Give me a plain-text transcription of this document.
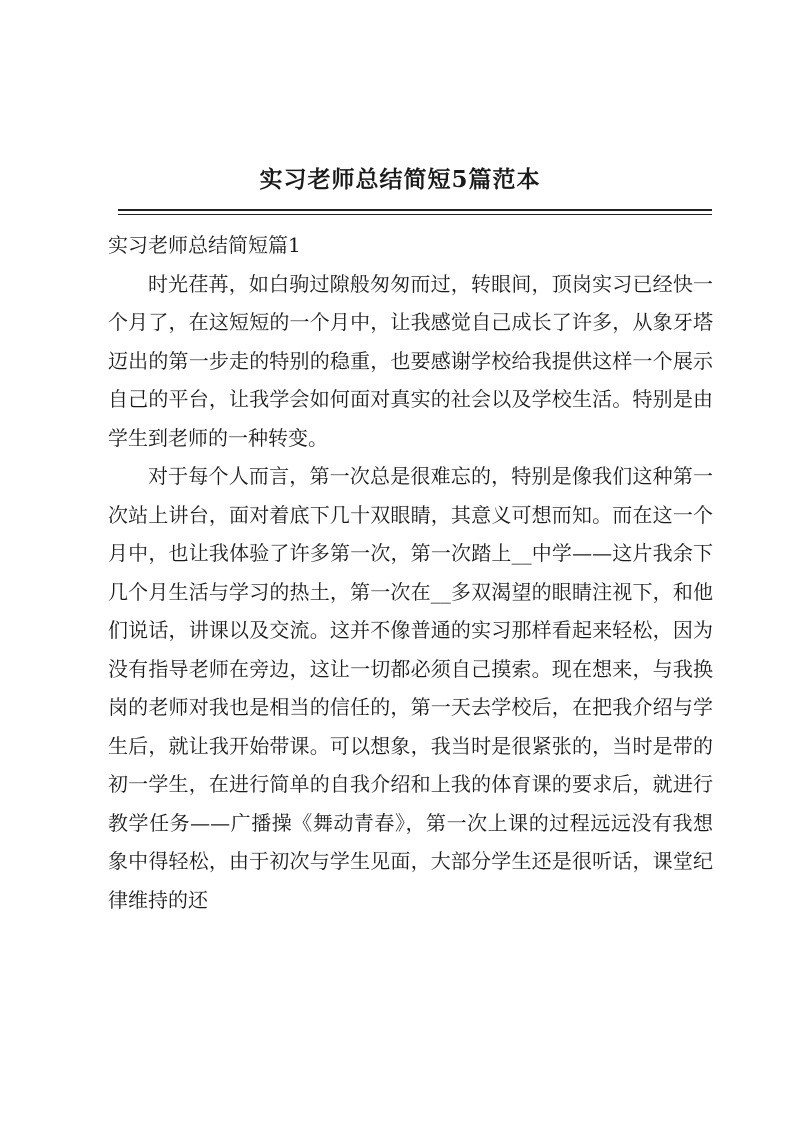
实习老师总结简短5篇范本

实习老师总结简短篇1

时光荏苒，如白驹过隙般匆匆而过，转眼间，顶岗实习已经快一个月了，在这短短的一个月中，让我感觉自己成长了许多，从象牙塔迈出的第一步走的特别的稳重，也要感谢学校给我提供这样一个展示自己的平台，让我学会如何面对真实的社会以及学校生活。特别是由学生到老师的一种转变。

对于每个人而言，第一次总是很难忘的，特别是像我们这种第一次站上讲台，面对着底下几十双眼睛，其意义可想而知。而在这一个月中，也让我体验了许多第一次，第一次踏上__中学——这片我余下几个月生活与学习的热土，第一次在__多双渴望的眼睛注视下，和他们说话，讲课以及交流。这并不像普通的实习那样看起来轻松，因为没有指导老师在旁边，这让一切都必须自己摸索。现在想来，与我换岗的老师对我也是相当的信任的，第一天去学校后，在把我介绍与学生后，就让我开始带课。可以想象，我当时是很紧张的，当时是带的初一学生，在进行简单的自我介绍和上我的体育课的要求后，就进行教学任务——广播操《舞动青春》，第一次上课的过程远远没有我想象中得轻松，由于初次与学生见面，大部分学生还是很听话，课堂纪律维持的还
